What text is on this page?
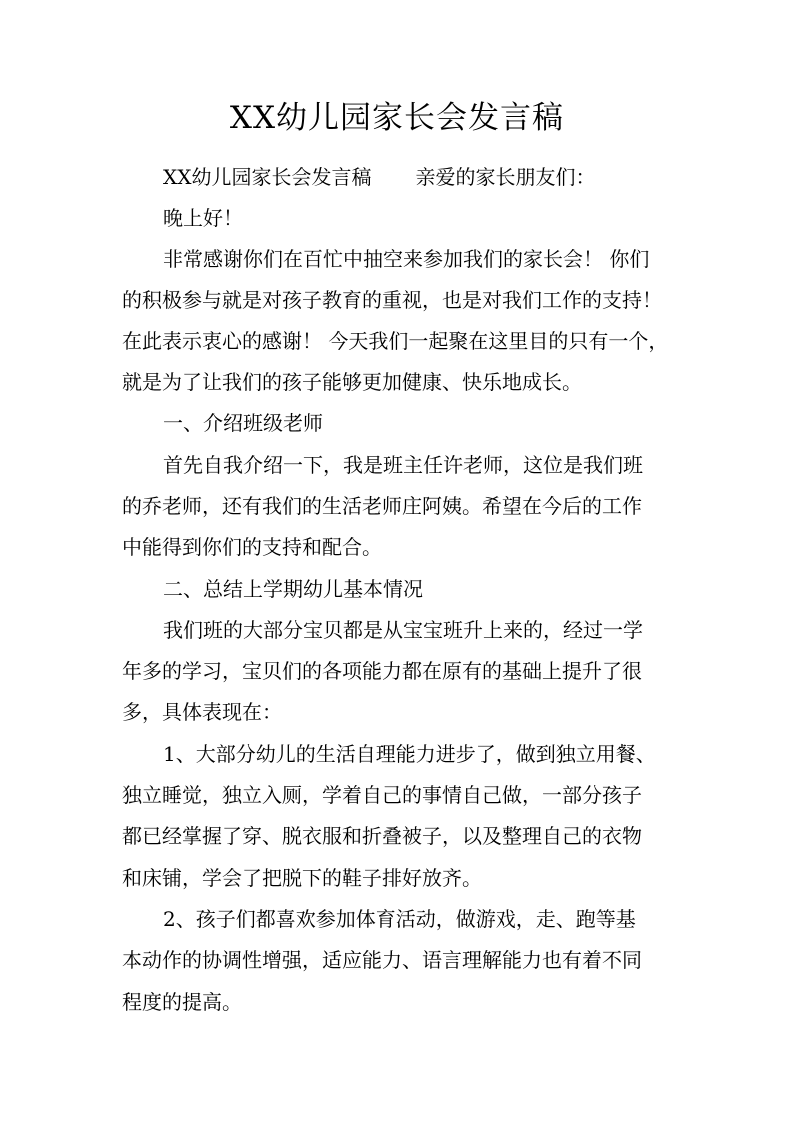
XX幼儿园家长会发言稿
XX幼儿园家长会发言稿 亲爱的家长朋友们：
晚上好！
非常感谢你们在百忙中抽空来参加我们的家长会！ 你们
的积极参与就是对孩子教育的重视，也是对我们工作的支持！
在此表示衷心的感谢！ 今天我们一起聚在这里目的只有一个，
就是为了让我们的孩子能够更加健康、快乐地成长。
一、介绍班级老师
首先自我介绍一下，我是班主任许老师，这位是我们班
的乔老师，还有我们的生活老师庄阿姨。希望在今后的工作
中能得到你们的支持和配合。
二、总结上学期幼儿基本情况
我们班的大部分宝贝都是从宝宝班升上来的，经过一学
年多的学习，宝贝们的各项能力都在原有的基础上提升了很
多，具体表现在：
1、大部分幼儿的生活自理能力进步了，做到独立用餐、
独立睡觉，独立入厕，学着自己的事情自己做，一部分孩子
都已经掌握了穿、脱衣服和折叠被子，以及整理自己的衣物
和床铺，学会了把脱下的鞋子排好放齐。
2、孩子们都喜欢参加体育活动，做游戏，走、跑等基
本动作的协调性增强，适应能力、语言理解能力也有着不同
程度的提高。
